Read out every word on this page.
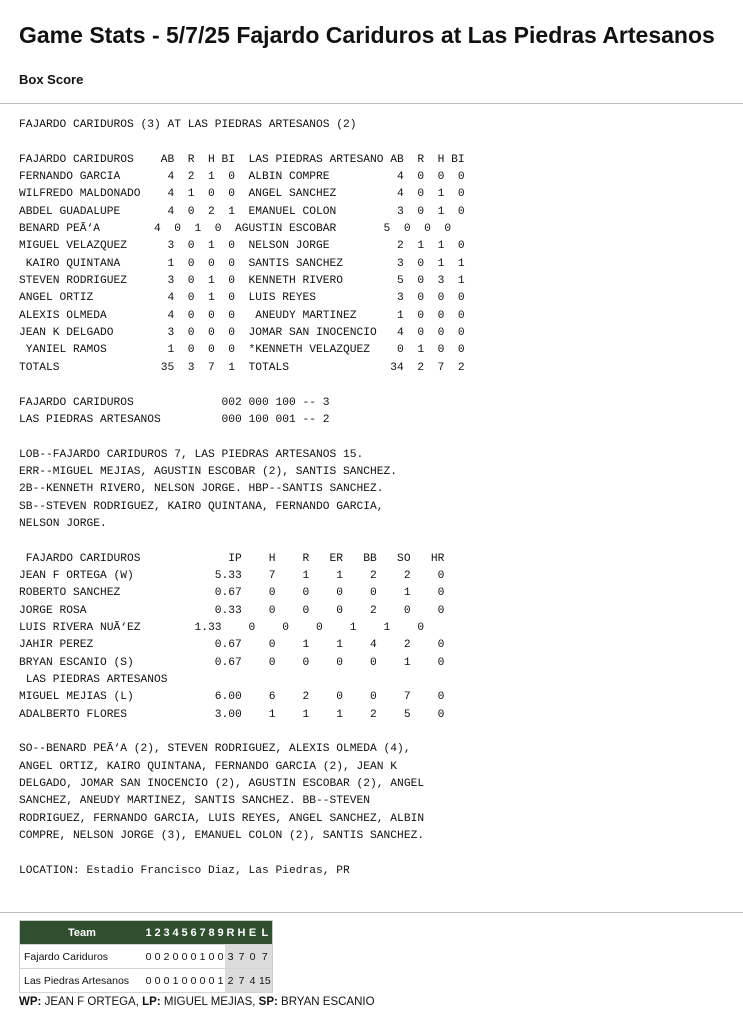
Game Stats - 5/7/25 Fajardo Cariduros at Las Piedras Artesanos
Box Score
FAJARDO CARIDUROS (3) AT LAS PIEDRAS ARTESANOS (2)

FAJARDO CARIDUROS    AB  R  H BI  LAS PIEDRAS ARTESANO AB  R  H BI
FERNANDO GARCIA       4  2  1  0  ALBIN COMPRE          4  0  0  0
WILFREDO MALDONADO    4  1  0  0  ANGEL SANCHEZ         4  0  1  0
ABDEL GUADALUPE       4  0  2  1  EMANUEL COLON         3  0  1  0
BENARD PEÃ‘A        4  0  1  0  AGUSTIN ESCOBAR       5  0  0  0
MIGUEL VELAZQUEZ      3  0  1  0  NELSON JORGE          2  1  1  0
KAIRO QUINTANA       1  0  0  0  SANTIS SANCHEZ        3  0  1  1
STEVEN RODRIGUEZ      3  0  1  0  KENNETH RIVERO        5  0  3  1
ANGEL ORTIZ           4  0  1  0  LUIS REYES            3  0  0  0
ALEXIS OLMEDA         4  0  0  0   ANEUDY MARTINEZ      1  0  0  0
JEAN K DELGADO        3  0  0  0  JOMAR SAN INOCENCIO   4  0  0  0
YANIEL RAMOS         1  0  0  0  *KENNETH VELAZQUEZ    0  1  0  0
TOTALS               35  3  7  1  TOTALS               34  2  7  2

FAJARDO CARIDUROS             002 000 100 -- 3
LAS PIEDRAS ARTESANOS         000 100 001 -- 2

LOB--FAJARDO CARIDUROS 7, LAS PIEDRAS ARTESANOS 15.
ERR--MIGUEL MEJIAS, AGUSTIN ESCOBAR (2), SANTIS SANCHEZ.
2B--KENNETH RIVERO, NELSON JORGE. HBP--SANTIS SANCHEZ.
SB--STEVEN RODRIGUEZ, KAIRO QUINTANA, FERNANDO GARCIA,
NELSON JORGE.

FAJARDO CARIDUROS             IP    H    R   ER   BB   SO   HR
JEAN F ORTEGA (W)            5.33    7    1    1    2    2    0
ROBERTO SANCHEZ              0.67    0    0    0    0    1    0
JORGE ROSA                   0.33    0    0    0    2    0    0
LUIS RIVERA NUÃ‘EZ        1.33    0    0    0    1    1    0
JAHIR PEREZ                  0.67    0    1    1    4    2    0
BRYAN ESCANIO (S)            0.67    0    0    0    0    1    0
LAS PIEDRAS ARTESANOS
MIGUEL MEJIAS (L)            6.00    6    2    0    0    7    0
ADALBERTO FLORES             3.00    1    1    1    2    5    0

SO--BENARD PEÃ‘A (2), STEVEN RODRIGUEZ, ALEXIS OLMEDA (4),
ANGEL ORTIZ, KAIRO QUINTANA, FERNANDO GARCIA (2), JEAN K
DELGADO, JOMAR SAN INOCENCIO (2), AGUSTIN ESCOBAR (2), ANGEL
SANCHEZ, ANEUDY MARTINEZ, SANTIS SANCHEZ. BB--STEVEN
RODRIGUEZ, FERNANDO GARCIA, LUIS REYES, ANGEL SANCHEZ, ALBIN
COMPRE, NELSON JORGE (3), EMANUEL COLON (2), SANTIS SANCHEZ.

LOCATION: Estadio Francisco Diaz, Las Piedras, PR

Team	1	2	3	4	5	6	7	8	9	R	H	E	L
Fajardo Cariduros	0	0	2	0	0	0	1	0	0	3	7	0	7
Las Piedras Artesanos	0	0	0	1	0	0	0	0	1	2	7	4	15
WP: JEAN F ORTEGA, LP: MIGUEL MEJIAS, SP: BRYAN ESCANIO
